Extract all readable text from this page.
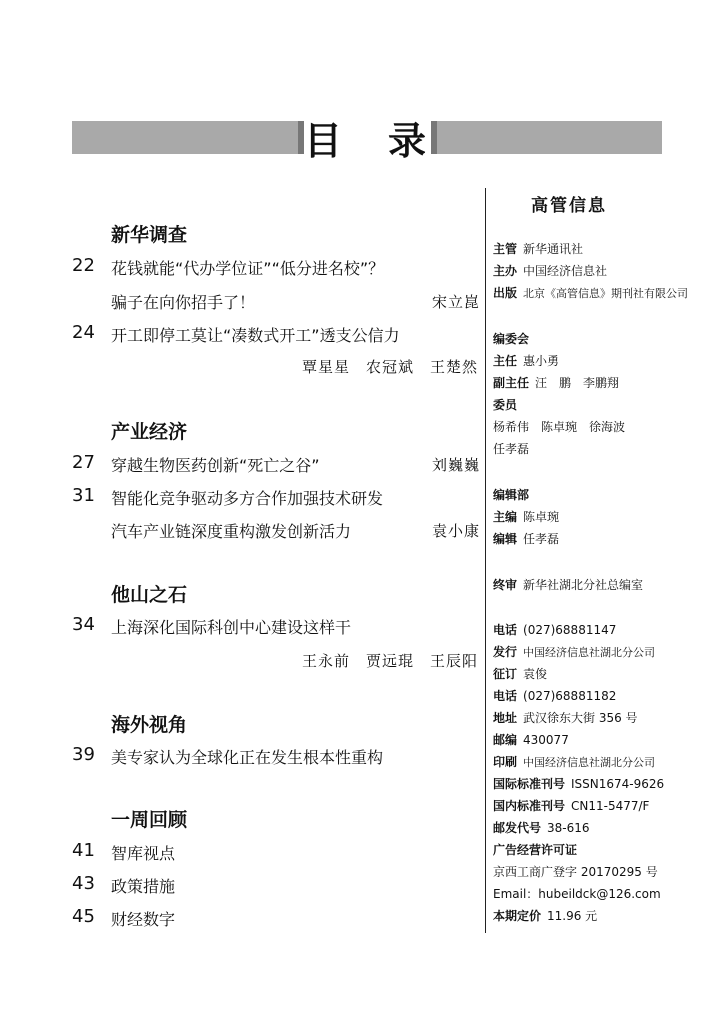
目 录
新华调查
22 花钱就能“代办学位证”“低分进名校”？
骗子在向你招手了！	宋立崑
24 开工即停工莫让“凑数式开工”透支公信力
覃星星　农冠斌　王楚然
产业经济
27 穿越生物医药创新“死亡之谷”	刘巍巍
31 智能化竞争驱动多方合作加强技术研发
汽车产业链深度重构激发创新活力	袁小康
他山之石
34 上海深化国际科创中心建设这样干
王永前　贾远琨　王辰阳
海外视角
39 美专家认为全球化正在发生根本性重构
一周回顾
41 智库视点
43 政策措施
45 财经数字
高管信息
主管 新华通讯社
主办 中国经济信息社
出版 北京《高管信息》期刊社有限公司
编委会
主任 惠小勇
副主任 汪　鹏　李鹏翔
委员
杨希伟　陈卓琬　徐海波
任孝磊
编辑部
主编 陈卓琬
编辑 任孝磊
终审 新华社湖北分社总编室
电话 (027)68881147
发行 中国经济信息社湖北分公司
征订 袁俊
电话 (027)68881182
地址 武汉徐东大街 356 号
邮编 430077
印刷 中国经济信息社湖北分公司
国际标准刊号 ISSN1674-9626
国内标准刊号 CN11-5477/F
邮发代号 38-616
广告经营许可证
京西工商广登字 20170295 号
Email：hubeildck@126.com
本期定价 11.96 元
